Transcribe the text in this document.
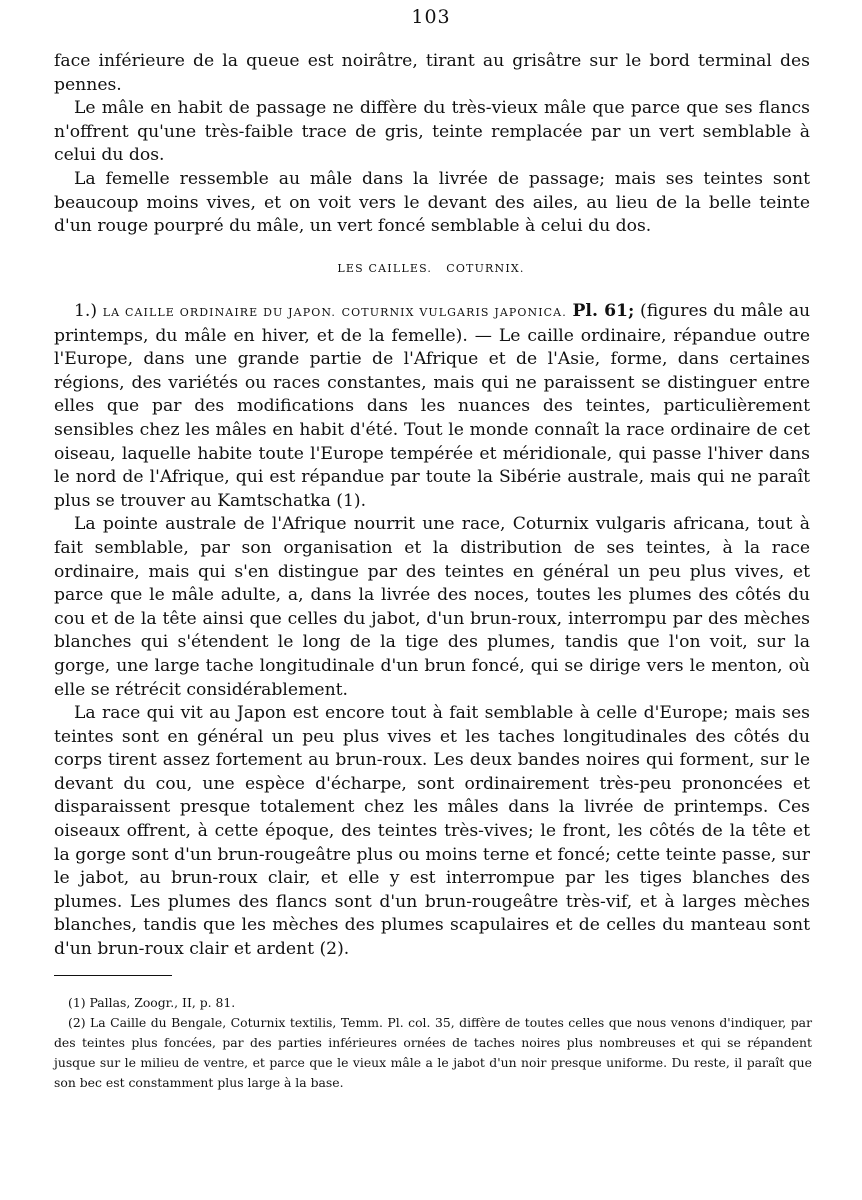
103

face inférieure de la queue est noirâtre, tirant au grisâtre sur le bord terminal des pennes.

Le mâle en habit de passage ne diffère du très-vieux mâle que parce que ses flancs n'offrent qu'une très-faible trace de gris, teinte remplacée par un vert semblable à celui du dos.

La femelle ressemble au mâle dans la livrée de passage; mais ses teintes sont beaucoup moins vives, et on voit vers le devant des ailes, au lieu de la belle teinte d'un rouge pourpré du mâle, un vert foncé semblable à celui du dos.

LES CAILLES.   COTURNIX.

1.) LA CAILLE ORDINAIRE DU JAPON. COTURNIX VULGARIS JAPONICA. Pl. 61; (figures du mâle au printemps, du mâle en hiver, et de la femelle). — Le caille ordinaire, répandue outre l'Europe, dans une grande partie de l'Afrique et de l'Asie, forme, dans certaines régions, des variétés ou races constantes, mais qui ne paraissent se distinguer entre elles que par des modifications dans les nuances des teintes, particulièrement sensibles chez les mâles en habit d'été. Tout le monde connaît la race ordinaire de cet oiseau, laquelle habite toute l'Europe tempérée et méridionale, qui passe l'hiver dans le nord de l'Afrique, qui est répandue par toute la Sibérie australe, mais qui ne paraît plus se trouver au Kamtschatka (1).

La pointe australe de l'Afrique nourrit une race, Coturnix vulgaris africana, tout à fait semblable, par son organisation et la distribution de ses teintes, à la race ordinaire, mais qui s'en distingue par des teintes en général un peu plus vives, et parce que le mâle adulte, a, dans la livrée des noces, toutes les plumes des côtés du cou et de la tête ainsi que celles du jabot, d'un brun-roux, interrompu par des mèches blanches qui s'étendent le long de la tige des plumes, tandis que l'on voit, sur la gorge, une large tache longitudinale d'un brun foncé, qui se dirige vers le menton, où elle se rétrécit considérablement.

La race qui vit au Japon est encore tout à fait semblable à celle d'Europe; mais ses teintes sont en général un peu plus vives et les taches longitudinales des côtés du corps tirent assez fortement au brun-roux. Les deux bandes noires qui forment, sur le devant du cou, une espèce d'écharpe, sont ordinairement très-peu prononcées et disparaissent presque totalement chez les mâles dans la livrée de printemps. Ces oiseaux offrent, à cette époque, des teintes très-vives; le front, les côtés de la tête et la gorge sont d'un brun-rougeâtre plus ou moins terne et foncé; cette teinte passe, sur le jabot, au brun-roux clair, et elle y est interrompue par les tiges blanches des plumes. Les plumes des flancs sont d'un brun-rougeâtre très-vif, et à larges mèches blanches, tandis que les mèches des plumes scapulaires et de celles du manteau sont d'un brun-roux clair et ardent (2).

(1) Pallas, Zoogr., II, p. 81.

(2) La Caille du Bengale, Coturnix textilis, Temm. Pl. col. 35, diffère de toutes celles que nous venons d'indiquer, par des teintes plus foncées, par des parties inférieures ornées de taches noires plus nombreuses et qui se répandent jusque sur le milieu de ventre, et parce que le vieux mâle a le jabot d'un noir presque uniforme. Du reste, il paraît que son bec est constamment plus large à la base.
